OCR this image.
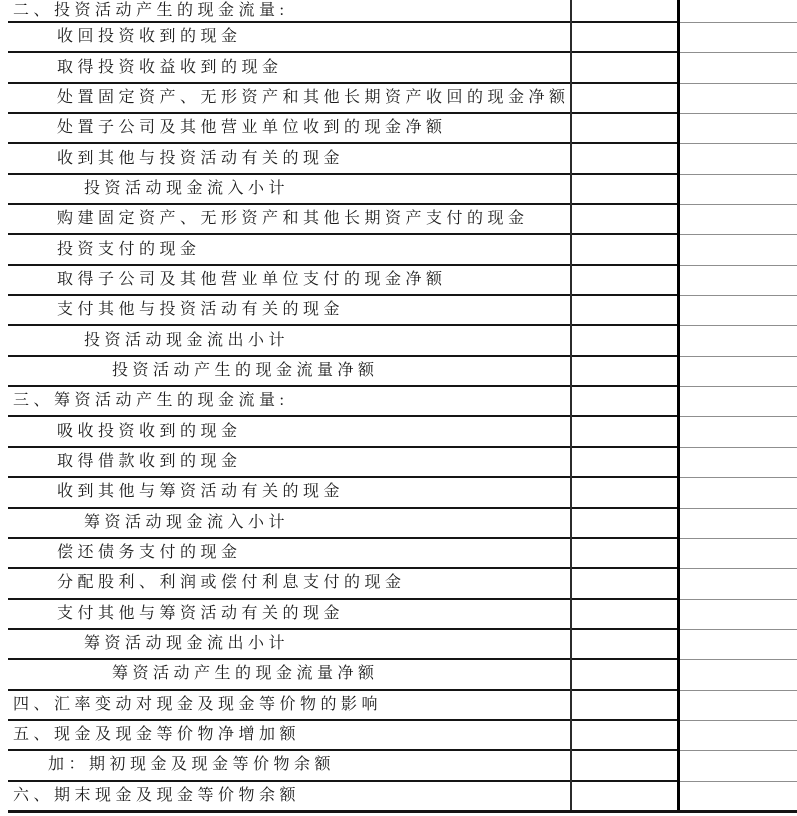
二、投资活动产生的现金流量:
收回投资收到的现金
取得投资收益收到的现金
处置固定资产、无形资产和其他长期资产收回的现金净额
处置子公司及其他营业单位收到的现金净额
收到其他与投资活动有关的现金
投资活动现金流入小计
购建固定资产、无形资产和其他长期资产支付的现金
投资支付的现金
取得子公司及其他营业单位支付的现金净额
支付其他与投资活动有关的现金
投资活动现金流出小计
投资活动产生的现金流量净额
三、筹资活动产生的现金流量:
吸收投资收到的现金
取得借款收到的现金
收到其他与筹资活动有关的现金
筹资活动现金流入小计
偿还债务支付的现金
分配股利、利润或偿付利息支付的现金
支付其他与筹资活动有关的现金
筹资活动现金流出小计
筹资活动产生的现金流量净额
四、汇率变动对现金及现金等价物的影响
五、现金及现金等价物净增加额
加：期初现金及现金等价物余额
六、期末现金及现金等价物余额
